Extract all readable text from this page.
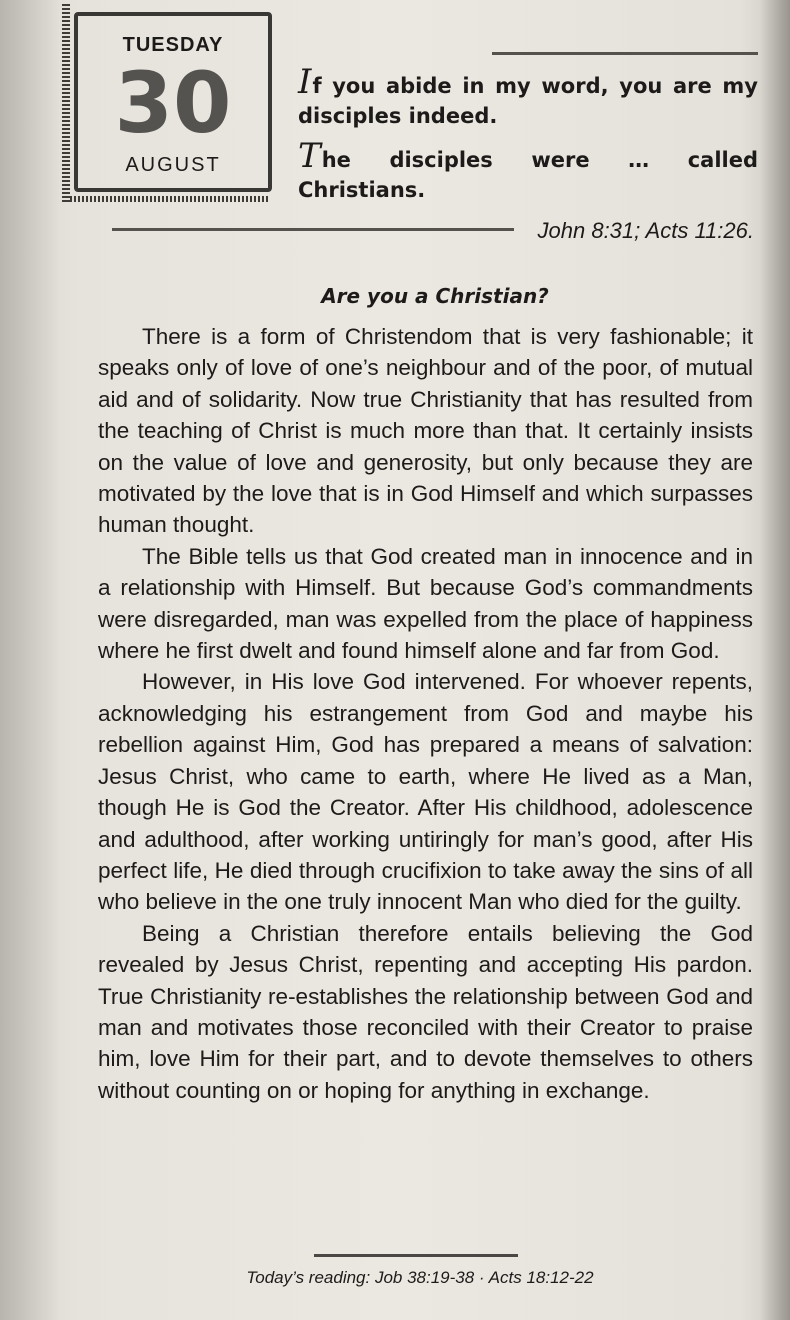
TUESDAY
30
AUGUST
If you abide in my word, you are my disciples indeed.
The disciples were … called Christians.
John 8:31; Acts 11:26.
Are you a Christian?

There is a form of Christendom that is very fashionable; it speaks only of love of one’s neighbour and of the poor, of mutual aid and of solidarity. Now true Christianity that has resulted from the teaching of Christ is much more than that. It certainly insists on the value of love and generosity, but only because they are motivated by the love that is in God Himself and which surpasses human thought.

The Bible tells us that God created man in innocence and in a relationship with Himself. But because God’s commandments were disregarded, man was expelled from the place of happiness where he first dwelt and found himself alone and far from God.

However, in His love God intervened. For whoever repents, acknowledging his estrangement from God and maybe his rebellion against Him, God has prepared a means of salvation: Jesus Christ, who came to earth, where He lived as a Man, though He is God the Creator. After His childhood, adolescence and adulthood, after working untiringly for man’s good, after His perfect life, He died through crucifixion to take away the sins of all who believe in the one truly innocent Man who died for the guilty.

Being a Christian therefore entails believing the God revealed by Jesus Christ, repenting and accepting His pardon. True Christianity re-establishes the relationship between God and man and motivates those reconciled with their Creator to praise him, love Him for their part, and to devote themselves to others without counting on or hoping for anything in exchange.

Today’s reading: Job 38:19-38 · Acts 18:12-22
